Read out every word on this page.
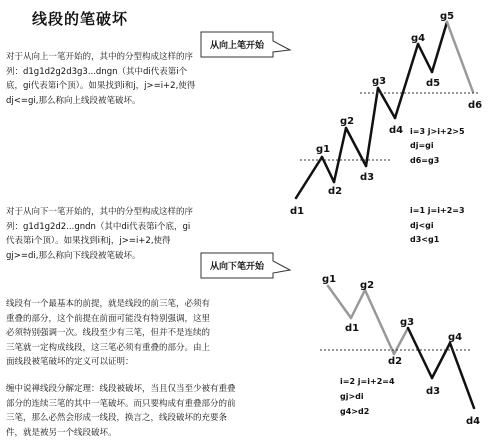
线段的笔破坏
对于从向上一笔开始的，其中的分型构成这样的序列：d1g1d2g2d3g3...dngn（其中di代表第i个底，gi代表第i个顶）。如果找到i和j，j>=i+2,使得dj<=gi,那么称向上线段被笔破坏。
对于从向下一笔开始的，其中的分型构成这样的序列：g1d1g2d2...gndn（其中di代表第i个底，gi代表第i个顶）。如果找到i和j，j>=i+2,使得gj>=di,那么称向下线段被笔破坏。
线段有一个最基本的前提，就是线段的前三笔，必须有重叠的部分，这个前提在前面可能没有特别强调，这里必须特别强调一次。线段至少有三笔，但并不是连续的三笔就一定构成线段，这三笔必须有重叠的部分。由上面线段被笔破坏的定义可以证明：
缠中说禅线段分解定理：线段被破坏，当且仅当至少被有重叠部分的连续三笔的其中一笔破坏。而只要构成有重叠部分的前三笔，那么必然会形成一线段，换言之，线段破坏的充要条件，就是被另一个线段破坏。
从向上笔开始
从向下笔开始
g5
g4
d5
g3
d6
d4
g2
g1
d3
d2
d1
i=3 j>i+2>5
dj=gi
d6=g3
i=1 j=i+2=3
dj<gi
d3<g1
g1
g2
d1
g3
d2
g4
d3
d4
i=2 j=i+2=4
gj>di
g4>d2
